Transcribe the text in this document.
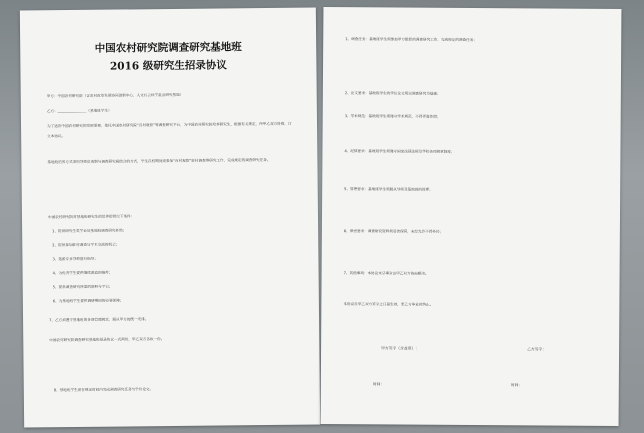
中国农村研究院调查研究基地班
2016 级研究生招录协议
甲方：中国农村研究院（含农村改革发展协同创新中心、人文社会科学重点研究基地）
乙方：________________（基地班学生）
为了适应中国农村研究的发展需要，依托中国农村研究院“百村观察”等调查研究平台，为中国农村研究院培养研究生，根据有关规定，经甲乙双方协商，订立本协议。
基地班培养方式采用导师负责制与调查研究相结合的方式，学生在校期间须参加“百村观察”驻村调查等研究工作，完成规定的调查研究任务。
中国农村研究院对基地班研究生的培养提供以下条件：
1、提供研究生奖学金及基地班调查研究补助；
2、提供参加驻村调查与学术交流的机会；
3、选派专业导师进行指导；
4、为优秀学生提供继续深造的推荐；
5、提供调查研究所需的资料与平台；
6、为基地班学生提供调研期间的必要保障；
7、乙方须遵守基地班的各项管理规定，服从甲方的统一安排。
中国农村研究院调查研究基地班招录协议一式两份，甲乙双方各执一份。
8、基地班学生须在规定时间内完成调查研究任务与学位论文。
1、调查任务：基地班学生须参加甲方组织的调查研究工作，完成规定的调查任务；
2、论文要求：基地班学生的学位论文须以调查研究为基础；
3、学术规范：基地班学生须遵守学术规范，不得弄虚作假；
4、纪律要求：基地班学生须遵守国家法律法规及学校各项规章制度；
5、管理要求：基地班学生须服从导师及基地班的管理；
6、保密要求：调查研究资料须妥善保管，未经允许不得外传；
7、其他事项：本协议未尽事宜由甲乙双方协商解决。
本协议自甲乙双方签字之日起生效，至乙方毕业时终止。
甲方签字（含盖章）：	乙方签字：
时间：	时间：
